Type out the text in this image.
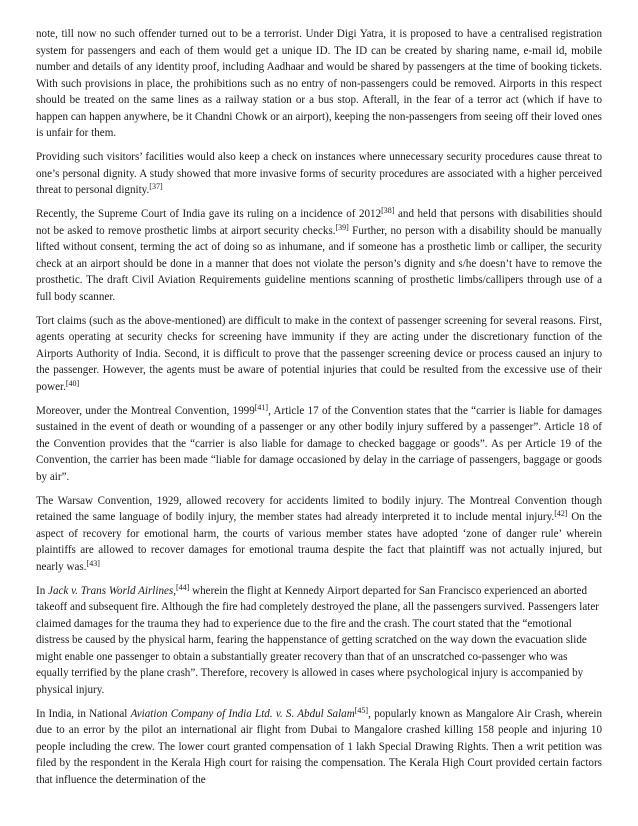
note, till now no such offender turned out to be a terrorist. Under Digi Yatra, it is proposed to have a centralised registration system for passengers and each of them would get a unique ID. The ID can be created by sharing name, e-mail id, mobile number and details of any identity proof, including Aadhaar and would be shared by passengers at the time of booking tickets. With such provisions in place, the prohibitions such as no entry of non-passengers could be removed. Airports in this respect should be treated on the same lines as a railway station or a bus stop. Afterall, in the fear of a terror act (which if have to happen can happen anywhere, be it Chandni Chowk or an airport), keeping the non-passengers from seeing off their loved ones is unfair for them.

Providing such visitors’ facilities would also keep a check on instances where unnecessary security procedures cause threat to one’s personal dignity. A study showed that more invasive forms of security procedures are associated with a higher perceived threat to personal dignity.[37]

Recently, the Supreme Court of India gave its ruling on a incidence of 2012[38] and held that persons with disabilities should not be asked to remove prosthetic limbs at airport security checks.[39] Further, no person with a disability should be manually lifted without consent, terming the act of doing so as inhumane, and if someone has a prosthetic limb or calliper, the security check at an airport should be done in a manner that does not violate the person’s dignity and s/he doesn’t have to remove the prosthetic. The draft Civil Aviation Requirements guideline mentions scanning of prosthetic limbs/callipers through use of a full body scanner.

Tort claims (such as the above-mentioned) are difficult to make in the context of passenger screening for several reasons. First, agents operating at security checks for screening have immunity if they are acting under the discretionary function of the Airports Authority of India. Second, it is difficult to prove that the passenger screening device or process caused an injury to the passenger. However, the agents must be aware of potential injuries that could be resulted from the excessive use of their power.[40]

Moreover, under the Montreal Convention, 1999[41], Article 17 of the Convention states that the “carrier is liable for damages sustained in the event of death or wounding of a passenger or any other bodily injury suffered by a passenger”. Article 18 of the Convention provides that the “carrier is also liable for damage to checked baggage or goods”. As per Article 19 of the Convention, the carrier has been made “liable for damage occasioned by delay in the carriage of passengers, baggage or goods by air”.

The Warsaw Convention, 1929, allowed recovery for accidents limited to bodily injury. The Montreal Convention though retained the same language of bodily injury, the member states had already interpreted it to include mental injury.[42] On the aspect of recovery for emotional harm, the courts of various member states have adopted ‘zone of danger rule’ wherein plaintiffs are allowed to recover damages for emotional trauma despite the fact that plaintiff was not actually injured, but nearly was.[43]

In Jack v. Trans World Airlines,[44] wherein the flight at Kennedy Airport departed for San Francisco experienced an aborted takeoff and subsequent fire. Although the fire had completely destroyed the plane, all the passengers survived. Passengers later claimed damages for the trauma they had to experience due to the fire and the crash. The court stated that the “emotional distress be caused by the physical harm, fearing the happenstance of getting scratched on the way down the evacuation slide might enable one passenger to obtain a substantially greater recovery than that of an unscratched co-passenger who was equally terrified by the plane crash”. Therefore, recovery is allowed in cases where psychological injury is accompanied by physical injury.

In India, in National Aviation Company of India Ltd. v. S. Abdul Salam[45], popularly known as Mangalore Air Crash, wherein due to an error by the pilot an international air flight from Dubai to Mangalore crashed killing 158 people and injuring 10 people including the crew. The lower court granted compensation of 1 lakh Special Drawing Rights. Then a writ petition was filed by the respondent in the Kerala High court for raising the compensation. The Kerala High Court provided certain factors that influence the determination of the
